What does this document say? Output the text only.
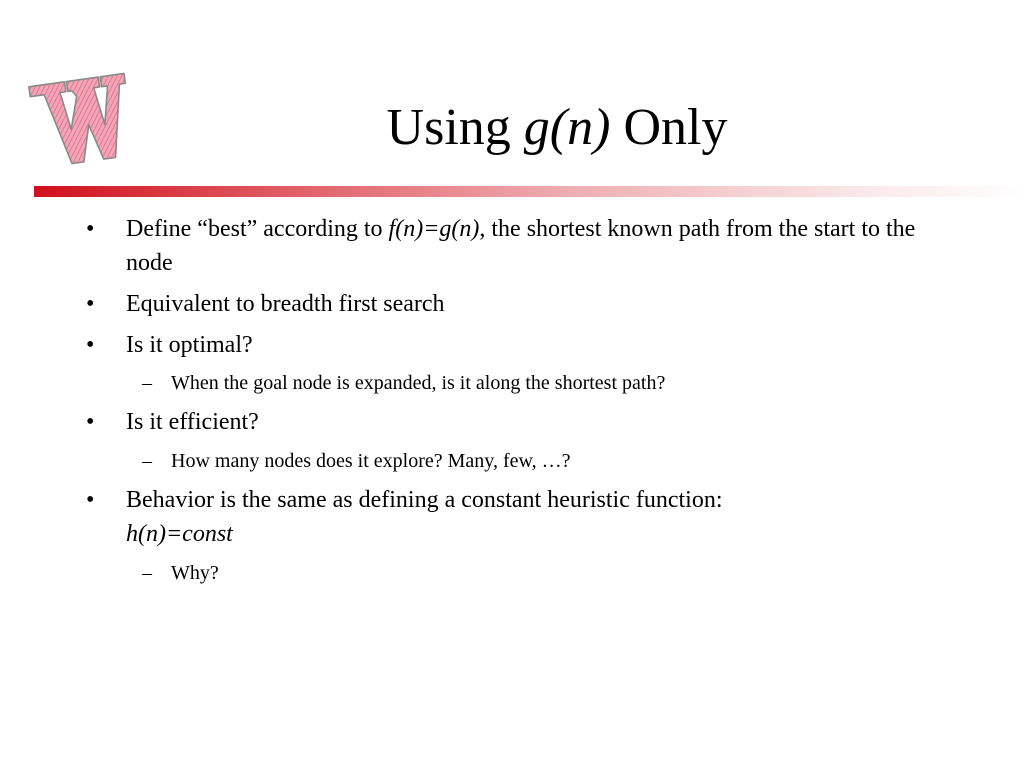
Using g(n) Only
•	Define “best” according to f(n)=g(n), the shortest known path from the start to the node
•	Equivalent to breadth first search
•	Is it optimal?
– When the goal node is expanded, is it along the shortest path?
•	Is it efficient?
– How many nodes does it explore? Many, few, …?
•	Behavior is the same as defining a constant heuristic function:
h(n)=const
– Why?
